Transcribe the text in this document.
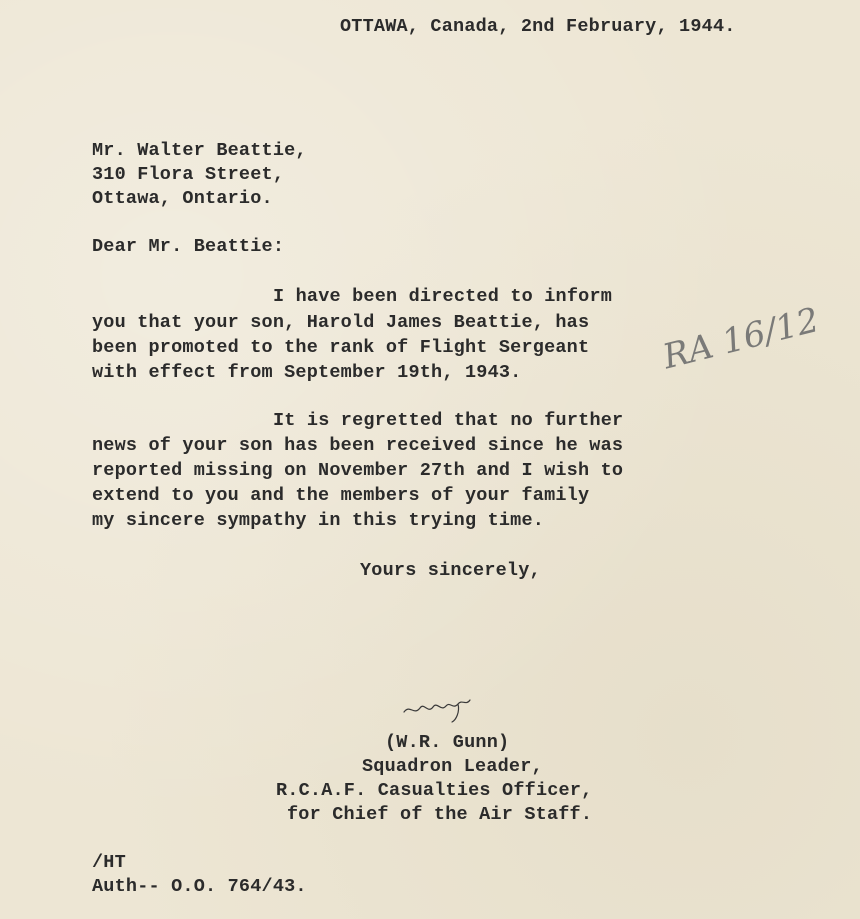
OTTAWA, Canada, 2nd February, 1944.

Mr. Walter Beattie,

310 Flora Street,

Ottawa, Ontario.

Dear Mr. Beattie:

I have been directed to inform

you that your son, Harold James Beattie, has

been promoted to the rank of Flight Sergeant

with effect from September 19th, 1943.

It is regretted that no further

news of your son has been received since he was

reported missing on November 27th and I wish to

extend to you and the members of your family

my sincere sympathy in this trying time.

Yours sincerely,

(W.R. Gunn)

Squadron Leader,

R.C.A.F. Casualties Officer,

for Chief of the Air Staff.

/HT

Auth-- O.O. 764/43.

RA 16/12
